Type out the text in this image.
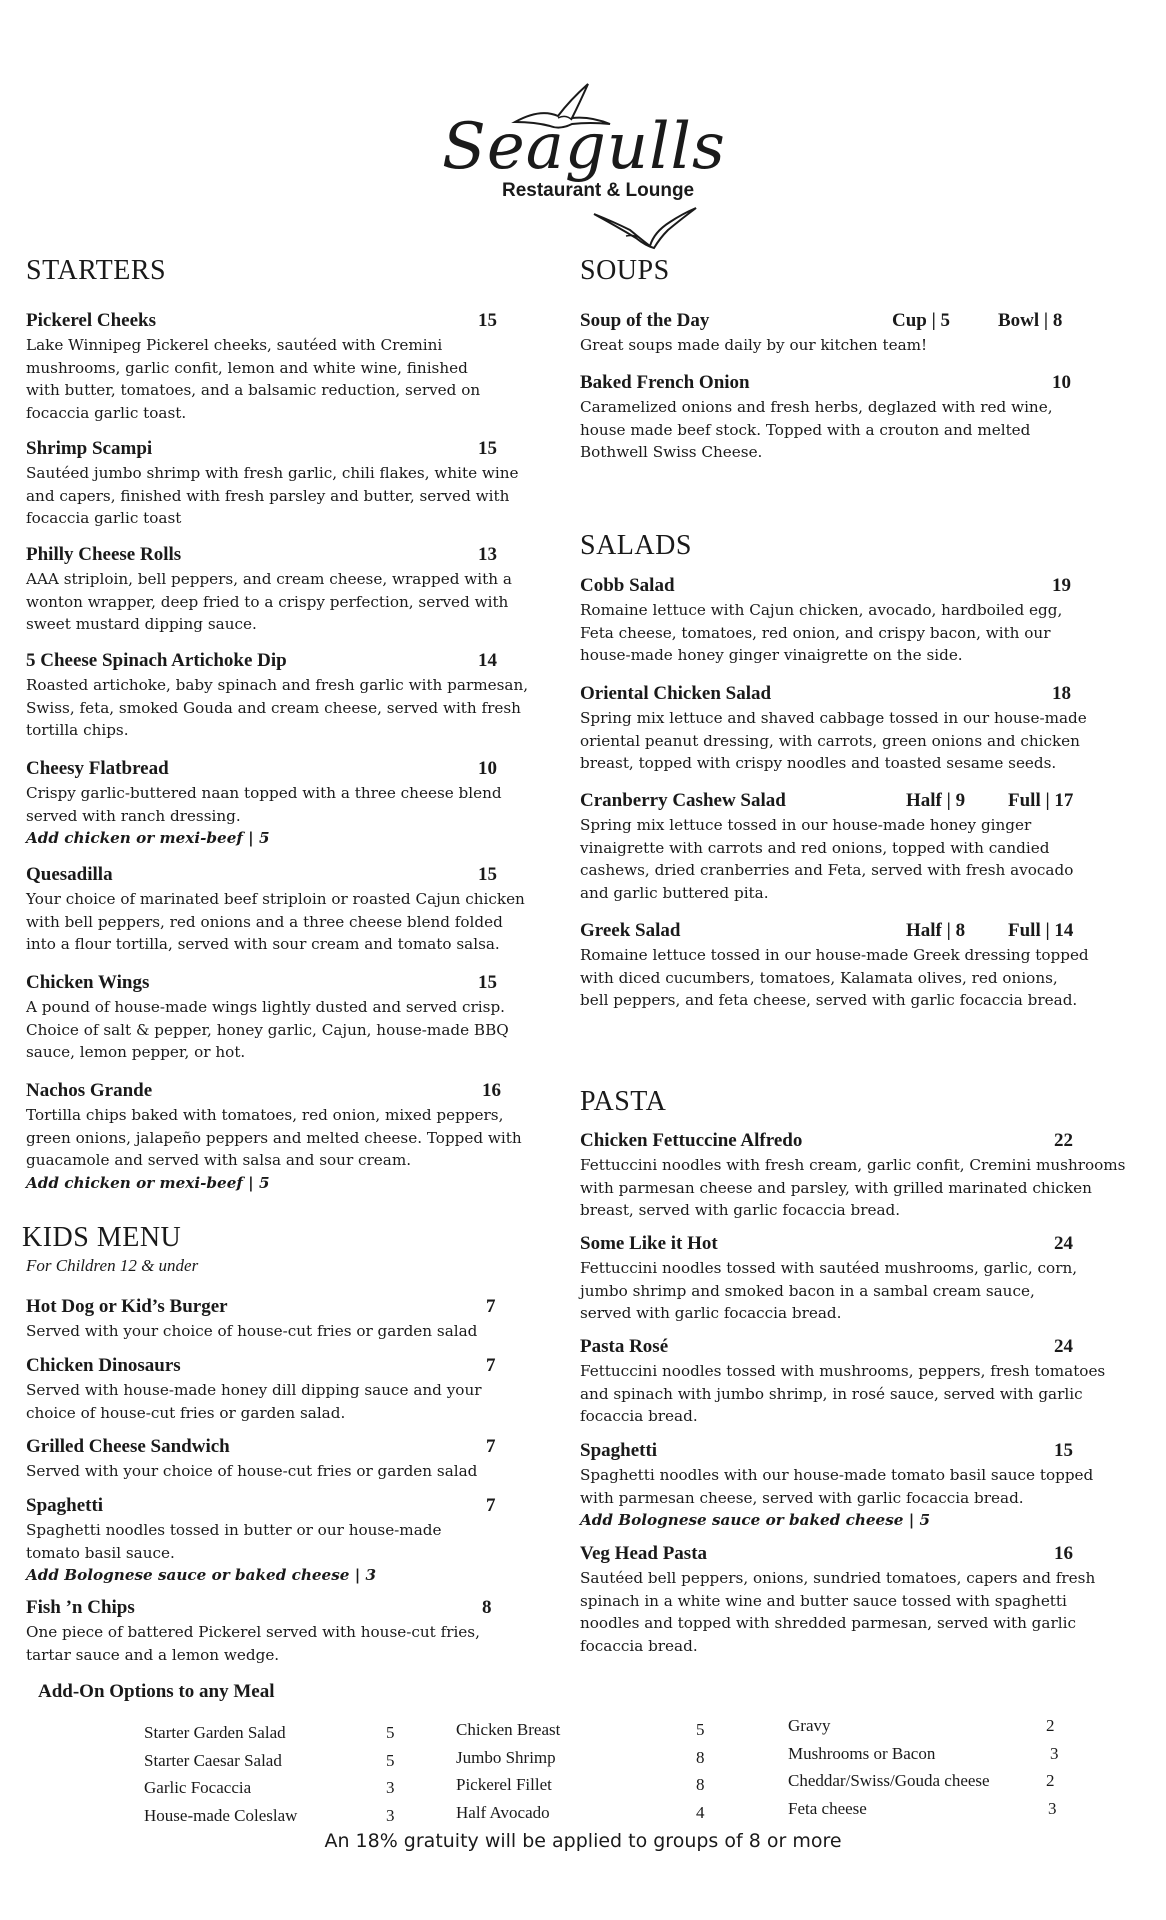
Seagulls
Restaurant & Lounge
STARTERS
Pickerel Cheeks	15
Lake Winnipeg Pickerel cheeks, sautéed with Cremini
mushrooms, garlic confit, lemon and white wine, finished
with butter, tomatoes, and a balsamic reduction, served on
focaccia garlic toast.
Shrimp Scampi	15
Sautéed jumbo shrimp with fresh garlic, chili flakes, white wine
and capers, finished with fresh parsley and butter, served with
focaccia garlic toast
Philly Cheese Rolls	13
AAA striploin, bell peppers, and cream cheese, wrapped with a
wonton wrapper, deep fried to a crispy perfection, served with
sweet mustard dipping sauce.
5 Cheese Spinach Artichoke Dip	14
Roasted artichoke, baby spinach and fresh garlic with parmesan,
Swiss, feta, smoked Gouda and cream cheese, served with fresh
tortilla chips.
Cheesy Flatbread	10
Crispy garlic-buttered naan topped with a three cheese blend
served with ranch dressing.
Add chicken or mexi-beef | 5
Quesadilla	15
Your choice of marinated beef striploin or roasted Cajun chicken
with bell peppers, red onions and a three cheese blend folded
into a flour tortilla, served with sour cream and tomato salsa.
Chicken Wings	15
A pound of house-made wings lightly dusted and served crisp.
Choice of salt & pepper, honey garlic, Cajun, house-made BBQ
sauce, lemon pepper, or hot.
Nachos Grande	16
Tortilla chips baked with tomatoes, red onion, mixed peppers,
green onions, jalapeño peppers and melted cheese. Topped with
guacamole and served with salsa and sour cream.
Add chicken or mexi-beef | 5
KIDS MENU
For Children 12 & under
Hot Dog or Kid’s Burger	7
Served with your choice of house-cut fries or garden salad
Chicken Dinosaurs	7
Served with house-made honey dill dipping sauce and your
choice of house-cut fries or garden salad.
Grilled Cheese Sandwich	7
Served with your choice of house-cut fries or garden salad
Spaghetti	7
Spaghetti noodles tossed in butter or our house-made
tomato basil sauce.
Add Bolognese sauce or baked cheese | 3
Fish ’n Chips	8
One piece of battered Pickerel served with house-cut fries,
tartar sauce and a lemon wedge.
SOUPS
Soup of the Day	Cup | 5	Bowl | 8
Great soups made daily by our kitchen team!
Baked French Onion	10
Caramelized onions and fresh herbs, deglazed with red wine,
house made beef stock. Topped with a crouton and melted
Bothwell Swiss Cheese.
SALADS
Cobb Salad	19
Romaine lettuce with Cajun chicken, avocado, hardboiled egg,
Feta cheese, tomatoes, red onion, and crispy bacon, with our
house-made honey ginger vinaigrette on the side.
Oriental Chicken Salad	18
Spring mix lettuce and shaved cabbage tossed in our house-made
oriental peanut dressing, with carrots, green onions and chicken
breast, topped with crispy noodles and toasted sesame seeds.
Cranberry Cashew Salad	Half | 9 Full | 17
Spring mix lettuce tossed in our house-made honey ginger
vinaigrette with carrots and red onions, topped with candied
cashews, dried cranberries and Feta, served with fresh avocado
and garlic buttered pita.
Greek Salad	Half | 8 Full | 14
Romaine lettuce tossed in our house-made Greek dressing topped
with diced cucumbers, tomatoes, Kalamata olives, red onions,
bell peppers, and feta cheese, served with garlic focaccia bread.
PASTA
Chicken Fettuccine Alfredo	22
Fettuccini noodles with fresh cream, garlic confit, Cremini mushrooms
with parmesan cheese and parsley, with grilled marinated chicken
breast, served with garlic focaccia bread.
Some Like it Hot	24
Fettuccini noodles tossed with sautéed mushrooms, garlic, corn,
jumbo shrimp and smoked bacon in a sambal cream sauce,
served with garlic focaccia bread.
Pasta Rosé	24
Fettuccini noodles tossed with mushrooms, peppers, fresh tomatoes
and spinach with jumbo shrimp, in rosé sauce, served with garlic
focaccia bread.
Spaghetti	15
Spaghetti noodles with our house-made tomato basil sauce topped
with parmesan cheese, served with garlic focaccia bread.
Add Bolognese sauce or baked cheese | 5
Veg Head Pasta	16
Sautéed bell peppers, onions, sundried tomatoes, capers and fresh
spinach in a white wine and butter sauce tossed with spaghetti
noodles and topped with shredded parmesan, served with garlic
focaccia bread.
Add-On Options to any Meal
Starter Garden Salad	5
Starter Caesar Salad	5
Garlic Focaccia	3
House-made Coleslaw	3
Chicken Breast	5
Jumbo Shrimp	8
Pickerel Fillet	8
Half Avocado	4
Gravy	2
Mushrooms or Bacon	3
Cheddar/Swiss/Gouda cheese	2
Feta cheese	3
An 18% gratuity will be applied to groups of 8 or more
